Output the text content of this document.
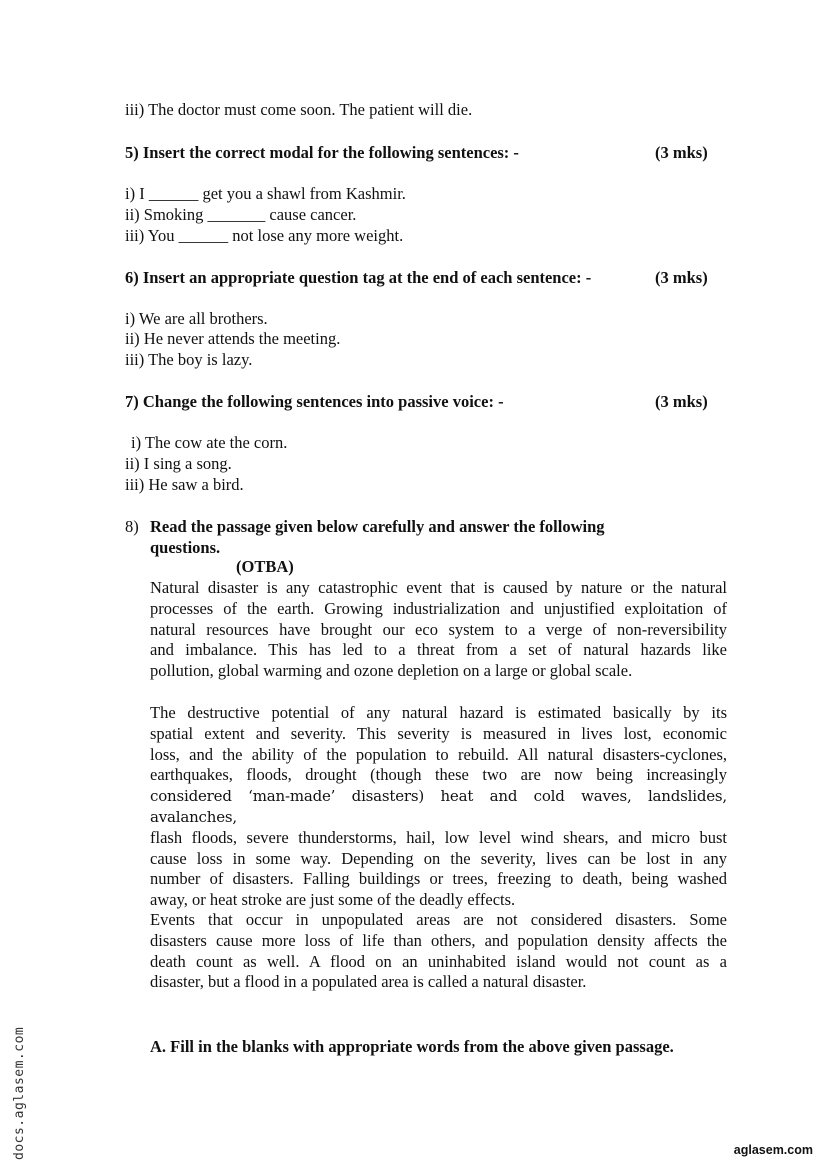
iii) The doctor must come soon. The patient will die.
5) Insert the correct modal for the following sentences: -	(3 mks)
i) I ______ get you a shawl from Kashmir.
ii) Smoking _______ cause cancer.
iii) You ______ not lose any more weight.
6) Insert an appropriate question tag at the end of each sentence: -	(3 mks)
i) We are all brothers.
ii) He never attends the meeting.
iii) The boy is lazy.
7) Change the following sentences into passive voice: -	(3 mks)
i) The cow ate the corn.
ii) I sing a song.
iii) He saw a bird.
8) Read the passage given below carefully and answer the following
questions.
(OTBA)
Natural disaster is any catastrophic event that is caused by nature or the natural
processes of the earth. Growing industrialization and unjustified exploitation of
natural resources have brought our eco system to a verge of non-reversibility
and imbalance. This has led to a threat from a set of natural hazards like
pollution, global warming and ozone depletion on a large or global scale.
The destructive potential of any natural hazard is estimated basically by its
spatial extent and severity. This severity is measured in lives lost, economic
loss, and the ability of the population to rebuild. All natural disasters-cyclones,
earthquakes, floods, drought (though these two are now being increasingly
considered ‘man-made’ disasters) heat and cold waves, landslides, avalanches,
flash floods, severe thunderstorms, hail, low level wind shears, and micro bust
cause loss in some way. Depending on the severity, lives can be lost in any
number of disasters. Falling buildings or trees, freezing to death, being washed
away, or heat stroke are just some of the deadly effects.
Events that occur in unpopulated areas are not considered disasters. Some
disasters cause more loss of life than others, and population density affects the
death count as well. A flood on an uninhabited island would not count as a
disaster, but a flood in a populated area is called a natural disaster.
A. Fill in the blanks with appropriate words from the above given passage.
docs.aglasem.com	aglasem.com
